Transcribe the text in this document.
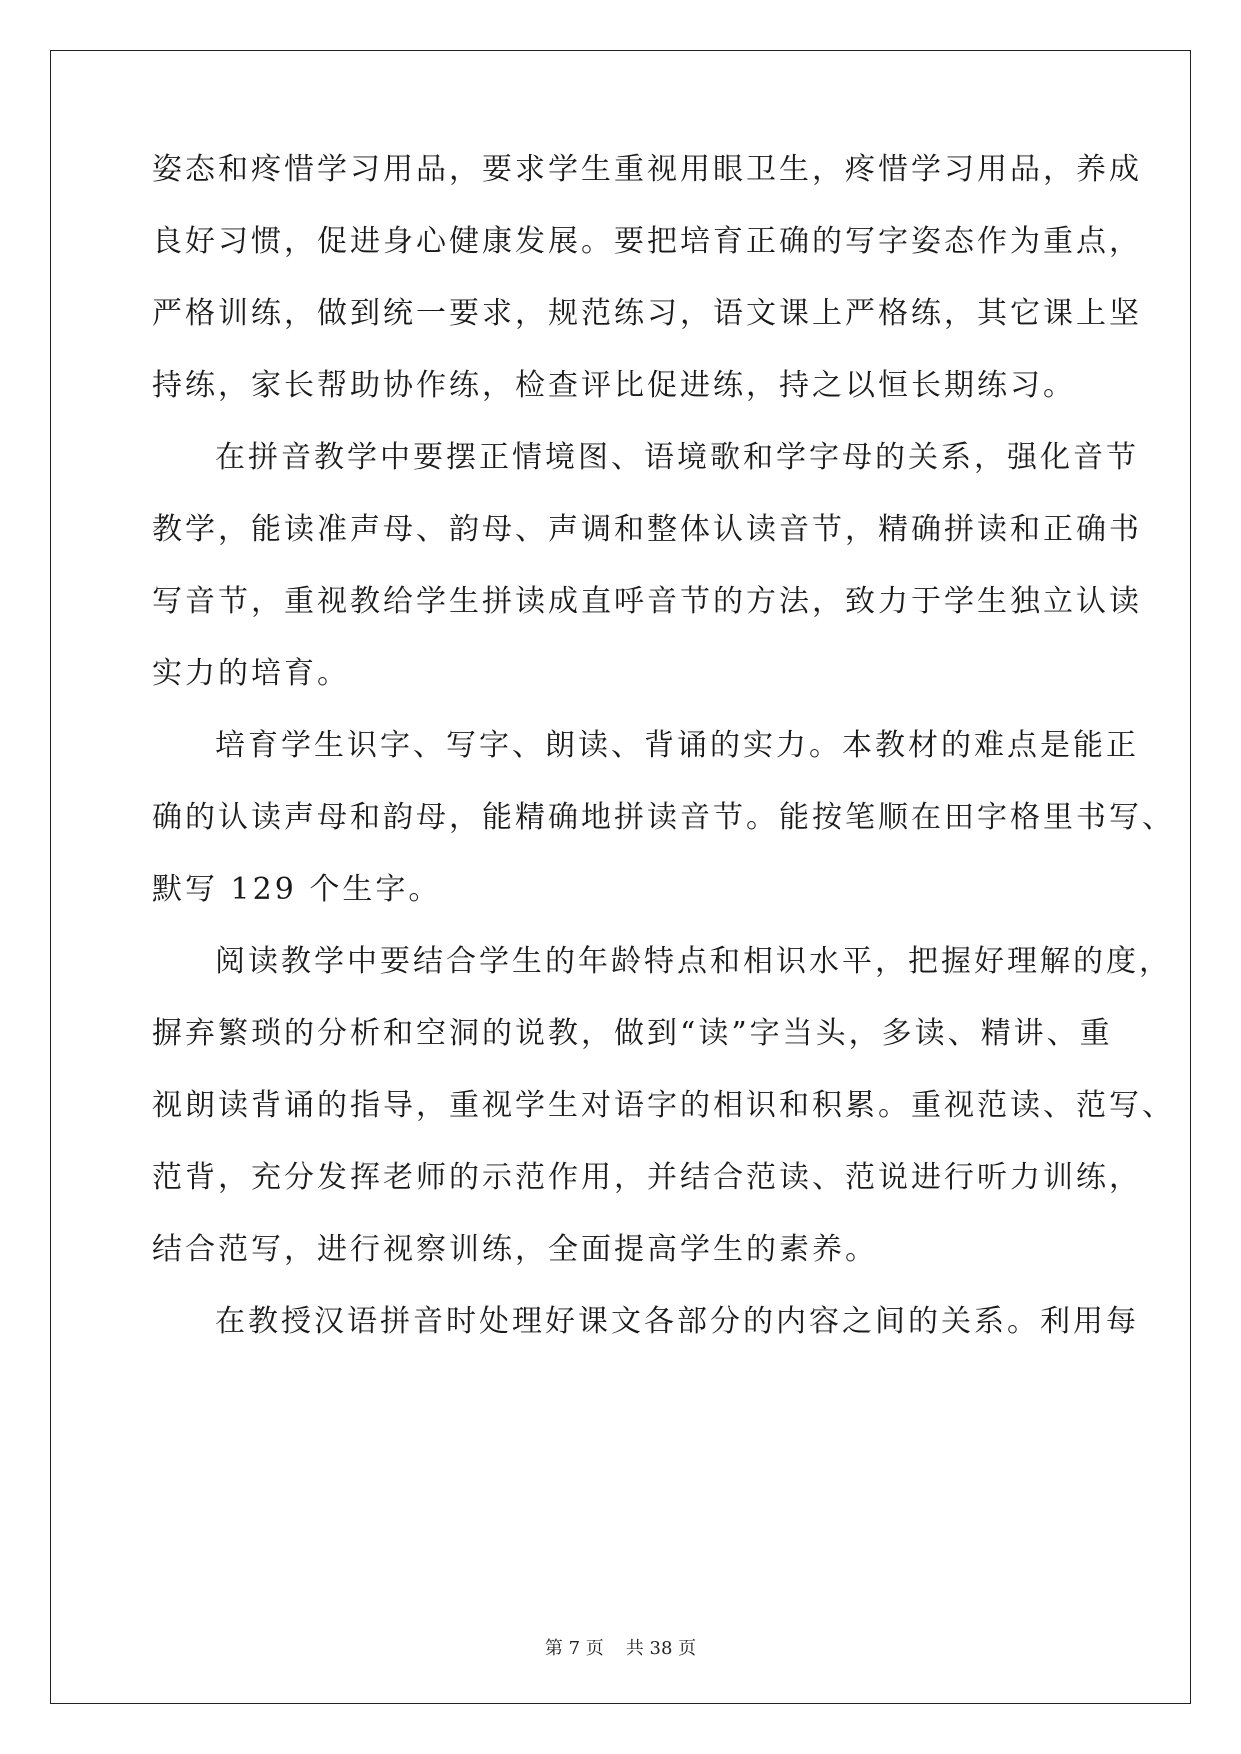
姿态和疼惜学习用品，要求学生重视用眼卫生，疼惜学习用品，养成

良好习惯，促进身心健康发展。要把培育正确的写字姿态作为重点，

严格训练，做到统一要求，规范练习，语文课上严格练，其它课上坚

持练，家长帮助协作练，检查评比促进练，持之以恒长期练习。

在拼音教学中要摆正情境图、语境歌和学字母的关系，强化音节

教学，能读准声母、韵母、声调和整体认读音节，精确拼读和正确书

写音节，重视教给学生拼读成直呼音节的方法，致力于学生独立认读

实力的培育。

培育学生识字、写字、朗读、背诵的实力。本教材的难点是能正

确的认读声母和韵母，能精确地拼读音节。能按笔顺在田字格里书写、

默写 129 个生字。

阅读教学中要结合学生的年龄特点和相识水平，把握好理解的度，

摒弃繁琐的分析和空洞的说教，做到“读”字当头，多读、精讲、重

视朗读背诵的指导，重视学生对语字的相识和积累。重视范读、范写、

范背，充分发挥老师的示范作用，并结合范读、范说进行听力训练，

结合范写，进行视察训练，全面提高学生的素养。

在教授汉语拼音时处理好课文各部分的内容之间的关系。利用每

第 7 页 共 38 页
